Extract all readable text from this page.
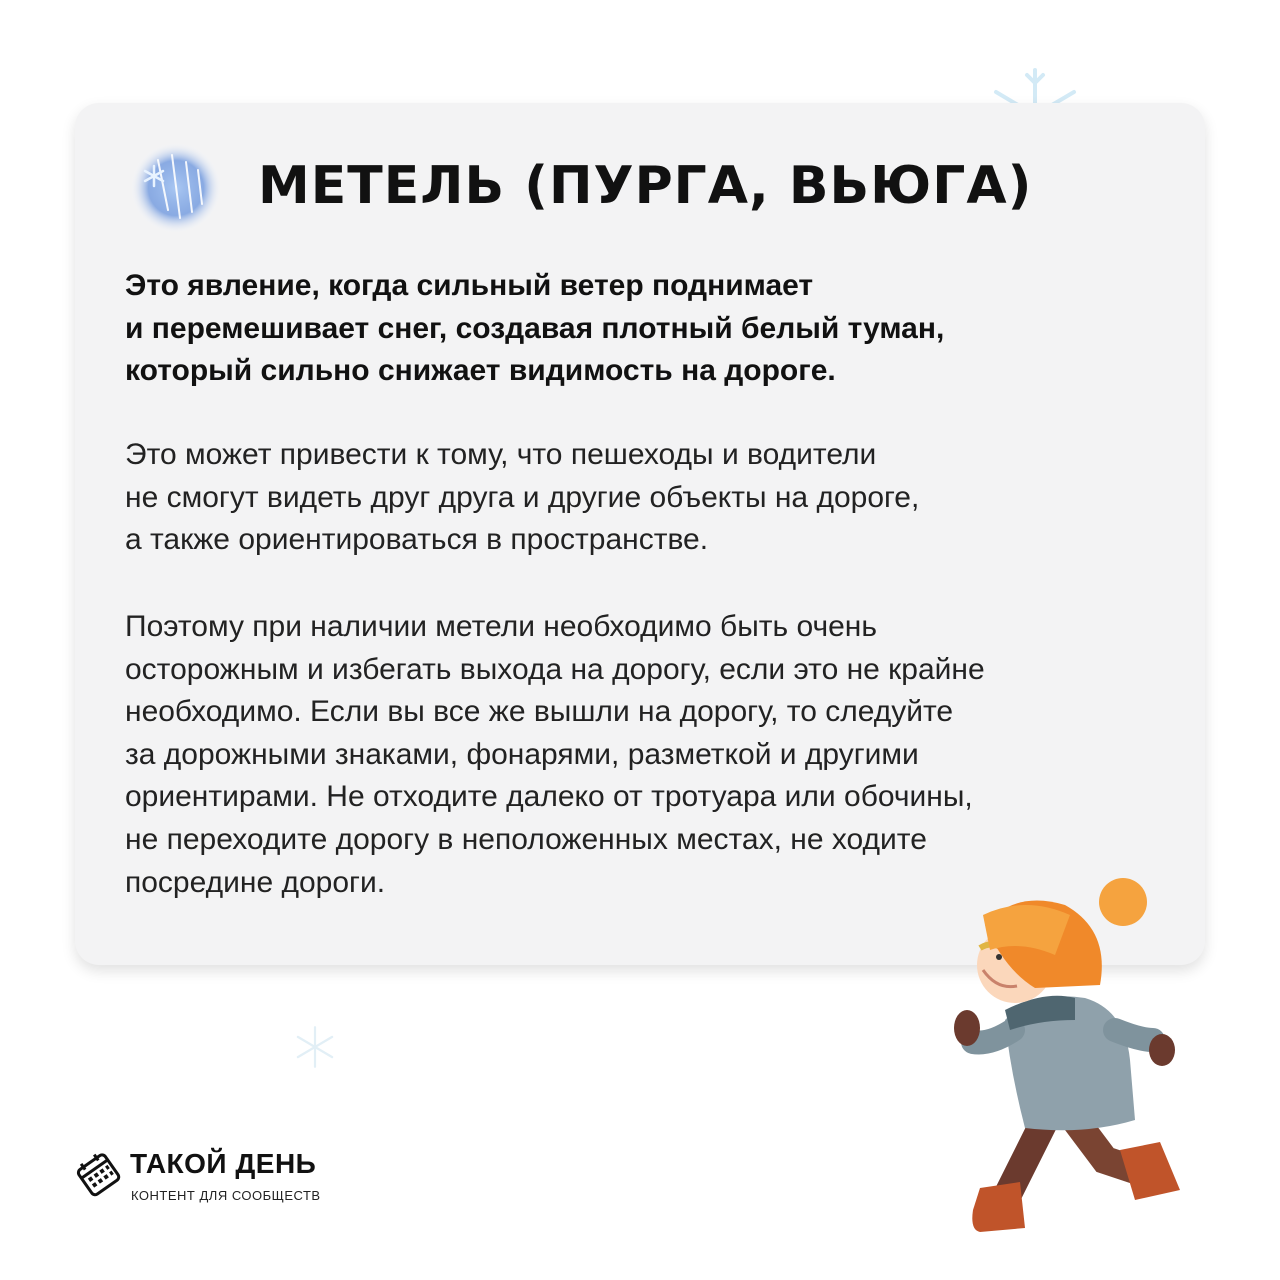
МЕТЕЛЬ (ПУРГА, ВЬЮГА)

Это явление, когда сильный ветер поднимает
и перемешивает снег, создавая плотный белый туман,
который сильно снижает видимость на дороге.

Это может привести к тому, что пешеходы и водители
не смогут видеть друг друга и другие объекты на дороге,
а также ориентироваться в пространстве.

Поэтому при наличии метели необходимо быть очень
осторожным и избегать выхода на дорогу, если это не крайне
необходимо. Если вы все же вышли на дорогу, то следуйте
за дорожными знаками, фонарями, разметкой и другими
ориентирами. Не отходите далеко от тротуара или обочины,
не переходите дорогу в неположенных местах, не ходите
посредине дороги.

ТАКОЙ ДЕНЬ
КОНТЕНТ ДЛЯ СООБЩЕСТВ
